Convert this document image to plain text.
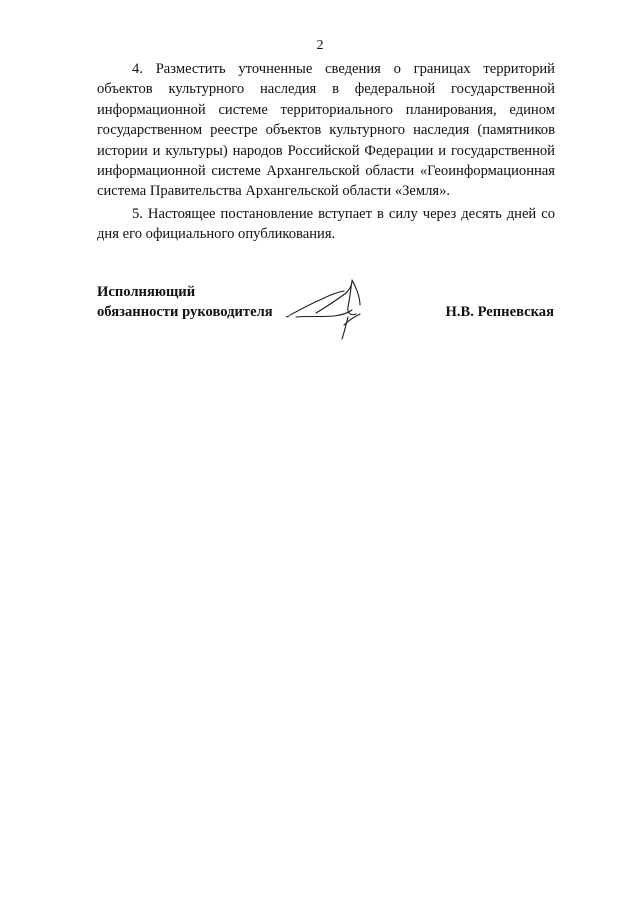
2

4. Разместить уточненные сведения о границах территорий объектов культурного наследия в федеральной государственной информационной системе территориального планирования, едином государственном реестре объектов культурного наследия (памятников истории и культуры) народов Российской Федерации и государственной информационной системе Архангельской области «Геоинформационная система Правительства Архангельской области «Земля».

5. Настоящее постановление вступает в силу через десять дней со дня его официального опубликования.

Исполняющий
обязанности руководителя	Н.В. Репневская
